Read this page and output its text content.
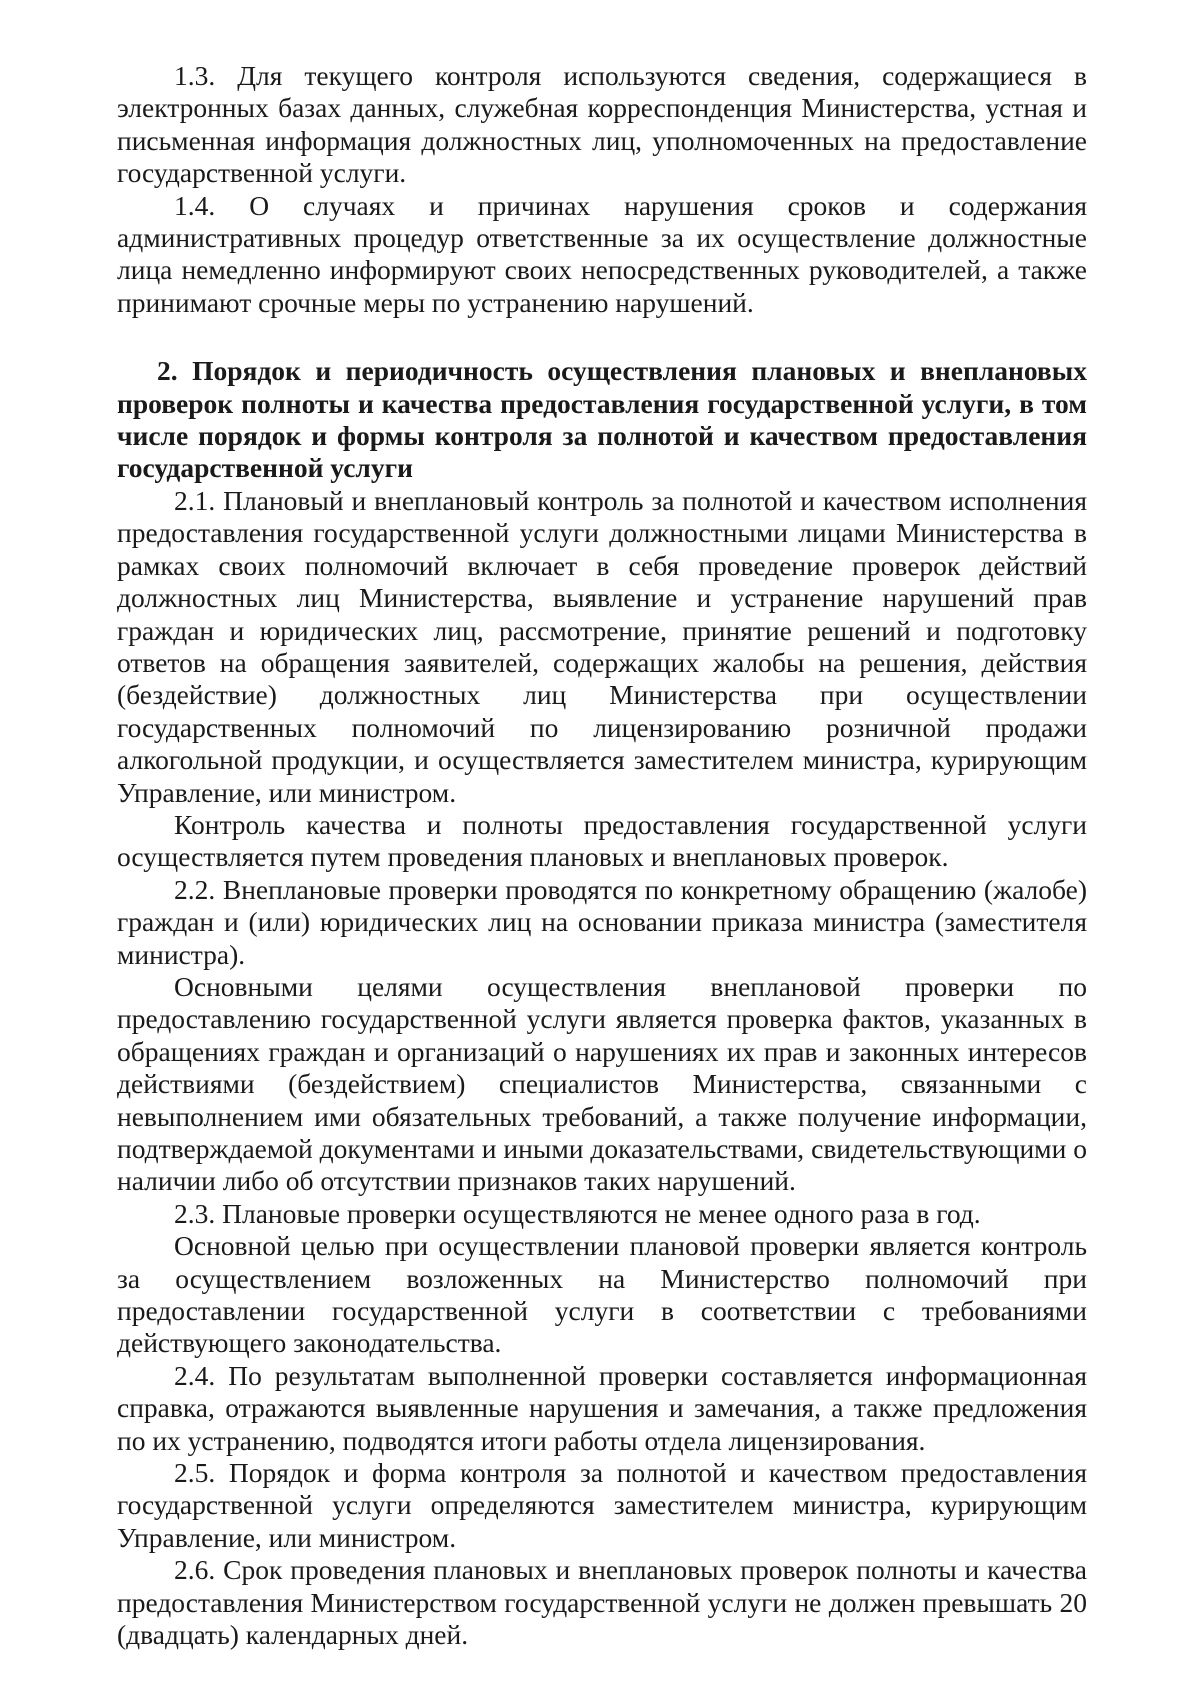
1.3. Для текущего контроля используются сведения, содержащиеся в электронных базах данных, служебная корреспонденция Министерства, устная и письменная информация должностных лиц, уполномоченных на предоставление государственной услуги.

1.4. О случаях и причинах нарушения сроков и содержания административных процедур ответственные за их осуществление должностные лица немедленно информируют своих непосредственных руководителей, а также принимают срочные меры по устранению нарушений.

2. Порядок и периодичность осуществления плановых и внеплановых проверок полноты и качества предоставления государственной услуги, в том числе порядок и формы контроля за полнотой и качеством предоставления государственной услуги

2.1. Плановый и внеплановый контроль за полнотой и качеством исполнения предоставления государственной услуги должностными лицами Министерства в рамках своих полномочий включает в себя проведение проверок действий должностных лиц Министерства, выявление и устранение нарушений прав граждан и юридических лиц, рассмотрение, принятие решений и подготовку ответов на обращения заявителей, содержащих жалобы на решения, действия (бездействие) должностных лиц Министерства при осуществлении государственных полномочий по лицензированию розничной продажи алкогольной продукции, и осуществляется заместителем министра, курирующим Управление, или министром.

Контроль качества и полноты предоставления государственной услуги осуществляется путем проведения плановых и внеплановых проверок.

2.2. Внеплановые проверки проводятся по конкретному обращению (жалобе) граждан и (или) юридических лиц на основании приказа министра (заместителя министра).

Основными целями осуществления внеплановой проверки по предоставлению государственной услуги является проверка фактов, указанных в обращениях граждан и организаций о нарушениях их прав и законных интересов действиями (бездействием) специалистов Министерства, связанными с невыполнением ими обязательных требований, а также получение информации, подтверждаемой документами и иными доказательствами, свидетельствующими о наличии либо об отсутствии признаков таких нарушений.

2.3. Плановые проверки осуществляются не менее одного раза в год.

Основной целью при осуществлении плановой проверки является контроль за осуществлением возложенных на Министерство полномочий при предоставлении государственной услуги в соответствии с требованиями действующего законодательства.

2.4. По результатам выполненной проверки составляется информационная справка, отражаются выявленные нарушения и замечания, а также предложения по их устранению, подводятся итоги работы отдела лицензирования.

2.5. Порядок и форма контроля за полнотой и качеством предоставления государственной услуги определяются заместителем министра, курирующим Управление, или министром.

2.6. Срок проведения плановых и внеплановых проверок полноты и качества предоставления Министерством государственной услуги не должен превышать 20 (двадцать) календарных дней.
